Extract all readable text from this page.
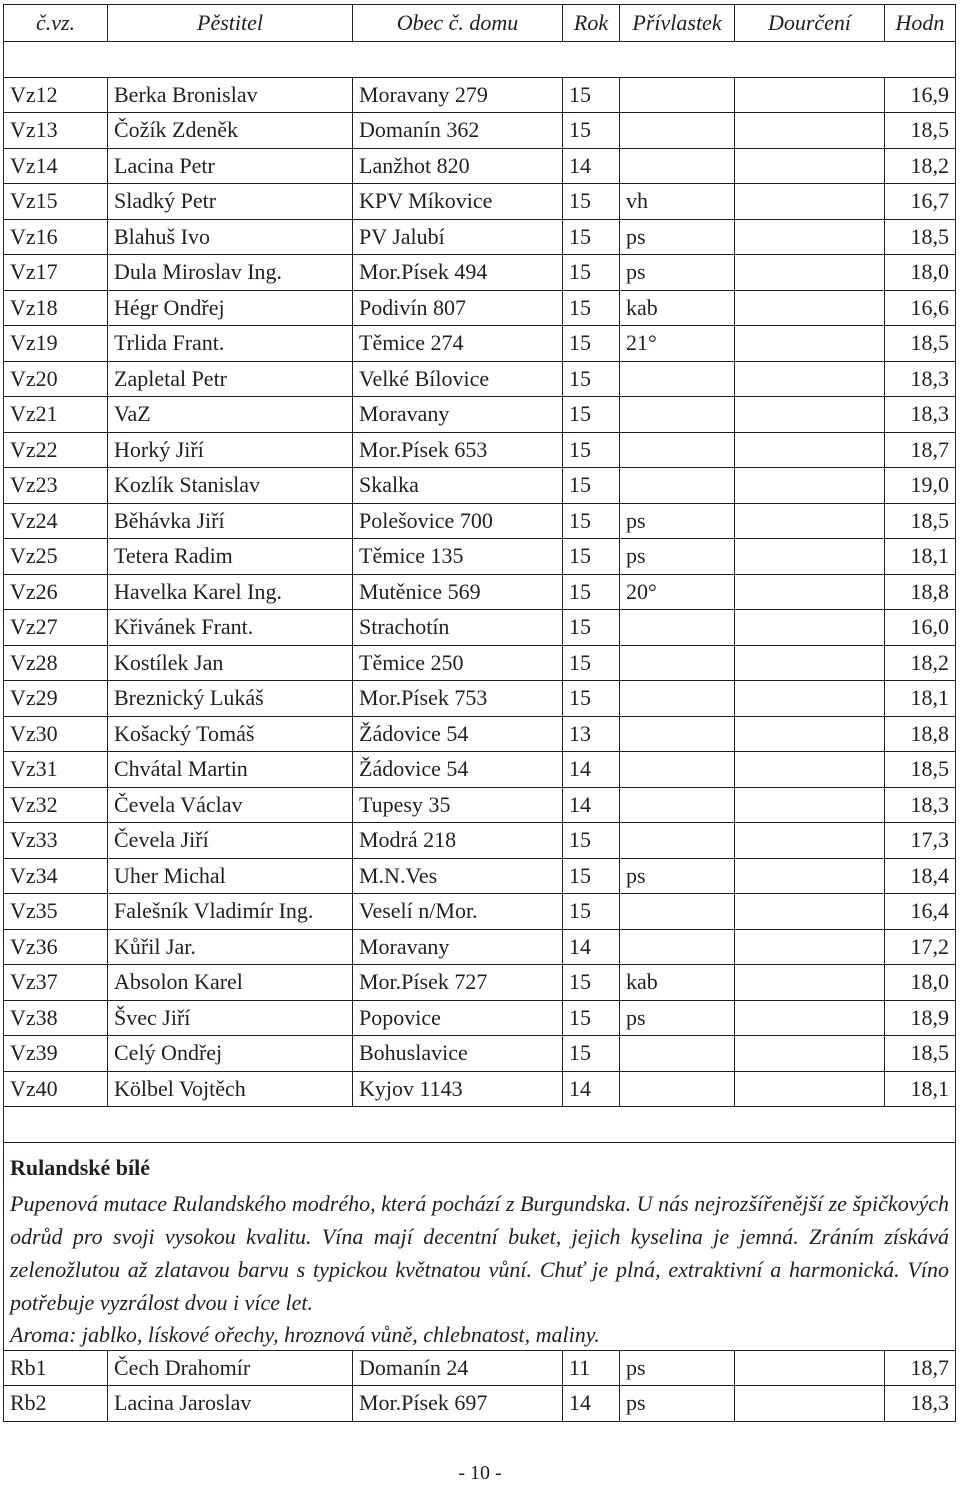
č.vz.	Pěstitel	Obec č. domu	Rok	Přívlastek	Dourčení	Hodn

Vz12	Berka Bronislav	Moravany 279	15			16,9
Vz13	Čožík Zdeněk	Domanín 362	15			18,5
Vz14	Lacina Petr	Lanžhot 820	14			18,2
Vz15	Sladký Petr	KPV Míkovice	15	vh		16,7
Vz16	Blahuš Ivo	PV Jalubí	15	ps		18,5
Vz17	Dula Miroslav Ing.	Mor.Písek 494	15	ps		18,0
Vz18	Hégr Ondřej	Podivín 807	15	kab		16,6
Vz19	Trlida Frant.	Těmice 274	15	21°		18,5
Vz20	Zapletal Petr	Velké Bílovice	15			18,3
Vz21	VaZ	Moravany	15			18,3
Vz22	Horký Jiří	Mor.Písek 653	15			18,7
Vz23	Kozlík Stanislav	Skalka	15			19,0
Vz24	Běhávka Jiří	Polešovice 700	15	ps		18,5
Vz25	Tetera Radim	Těmice 135	15	ps		18,1
Vz26	Havelka Karel Ing.	Mutěnice 569	15	20°		18,8
Vz27	Křivánek Frant.	Strachotín	15			16,0
Vz28	Kostílek Jan	Těmice 250	15			18,2
Vz29	Breznický Lukáš	Mor.Písek 753	15			18,1
Vz30	Košacký Tomáš	Žádovice 54	13			18,8
Vz31	Chvátal Martin	Žádovice 54	14			18,5
Vz32	Čevela Václav	Tupesy 35	14			18,3
Vz33	Čevela Jiří	Modrá 218	15			17,3
Vz34	Uher Michal	M.N.Ves	15	ps		18,4
Vz35	Falešník Vladimír Ing.	Veselí n/Mor.	15			16,4
Vz36	Kůřil Jar.	Moravany	14			17,2
Vz37	Absolon Karel	Mor.Písek 727	15	kab		18,0
Vz38	Švec Jiří	Popovice	15	ps		18,9
Vz39	Celý Ondřej	Bohuslavice	15			18,5
Vz40	Kölbel Vojtěch	Kyjov 1143	14			18,1

Rulandské bílé						
Pupenová mutace Rulandského modrého, která pochází z Burgundska. U nás nejrozšířenější ze špičkových odrůd pro svoji vysokou kvalitu. Vína mají decentní buket, jejich kyselina je jemná. Zráním získává zelenožlutou až zlatavou barvu s typickou květnatou vůní. Chuť je plná, extraktivní a harmonická. Víno potřebuje vyzrálost dvou i více let.						
Aroma: jablko, lískové ořechy, hroznová vůně, chlebnatost, maliny.						
Rb1	Čech Drahomír	Domanín 24	11	ps		18,7
Rb2	Lacina Jaroslav	Mor.Písek 697	14	ps		18,3
- 10 -
